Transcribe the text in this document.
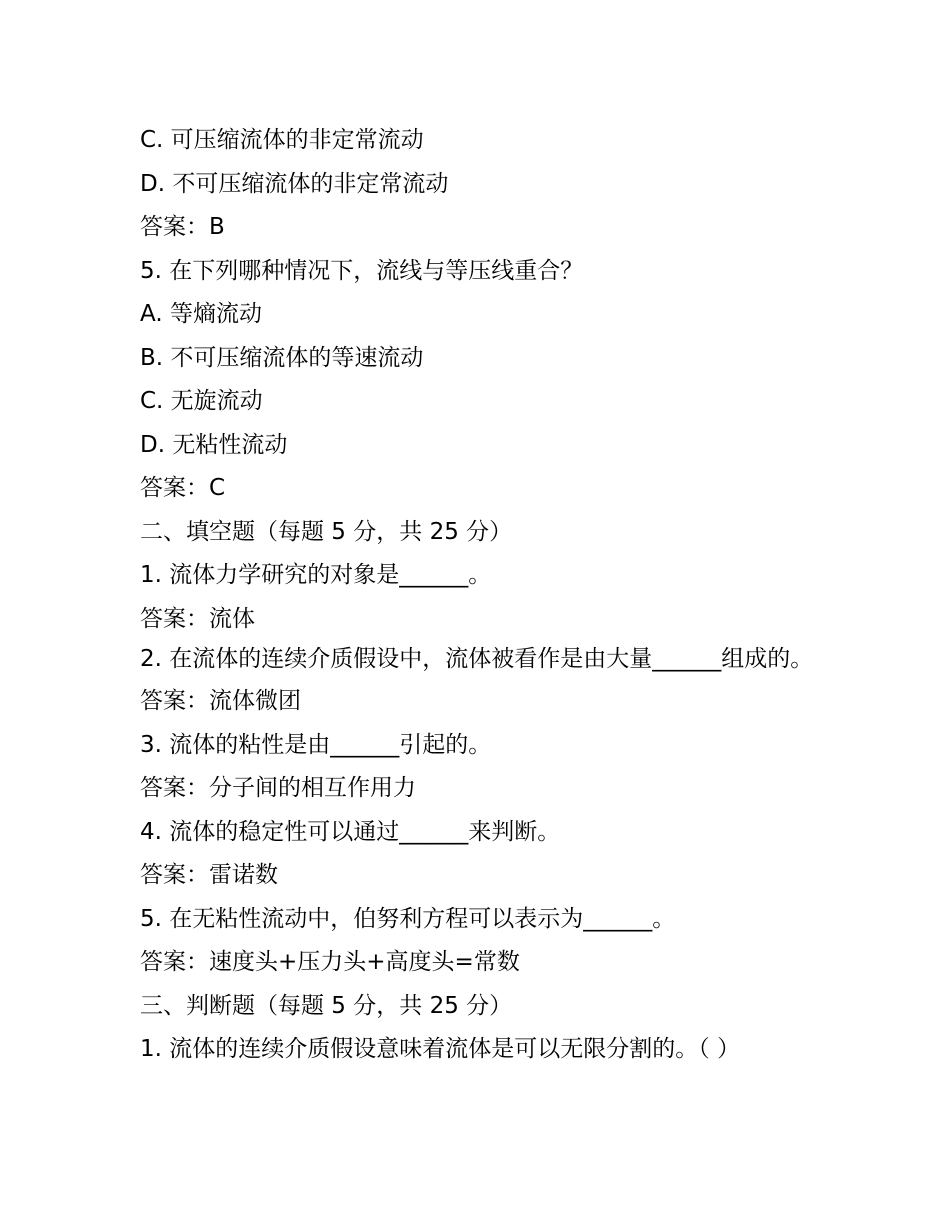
C. 可压缩流体的非定常流动
D. 不可压缩流体的非定常流动
答案：B
5. 在下列哪种情况下，流线与等压线重合？
A. 等熵流动
B. 不可压缩流体的等速流动
C. 无旋流动
D. 无粘性流动
答案：C
二、填空题（每题 5 分，共 25 分）
1. 流体力学研究的对象是______。
答案：流体
2. 在流体的连续介质假设中，流体被看作是由大量______组成的。
答案：流体微团
3. 流体的粘性是由______引起的。
答案：分子间的相互作用力
4. 流体的稳定性可以通过______来判断。
答案：雷诺数
5. 在无粘性流动中，伯努利方程可以表示为______。
答案：速度头+压力头+高度头=常数
三、判断题（每题 5 分，共 25 分）
1. 流体的连续介质假设意味着流体是可以无限分割的。（ ）
